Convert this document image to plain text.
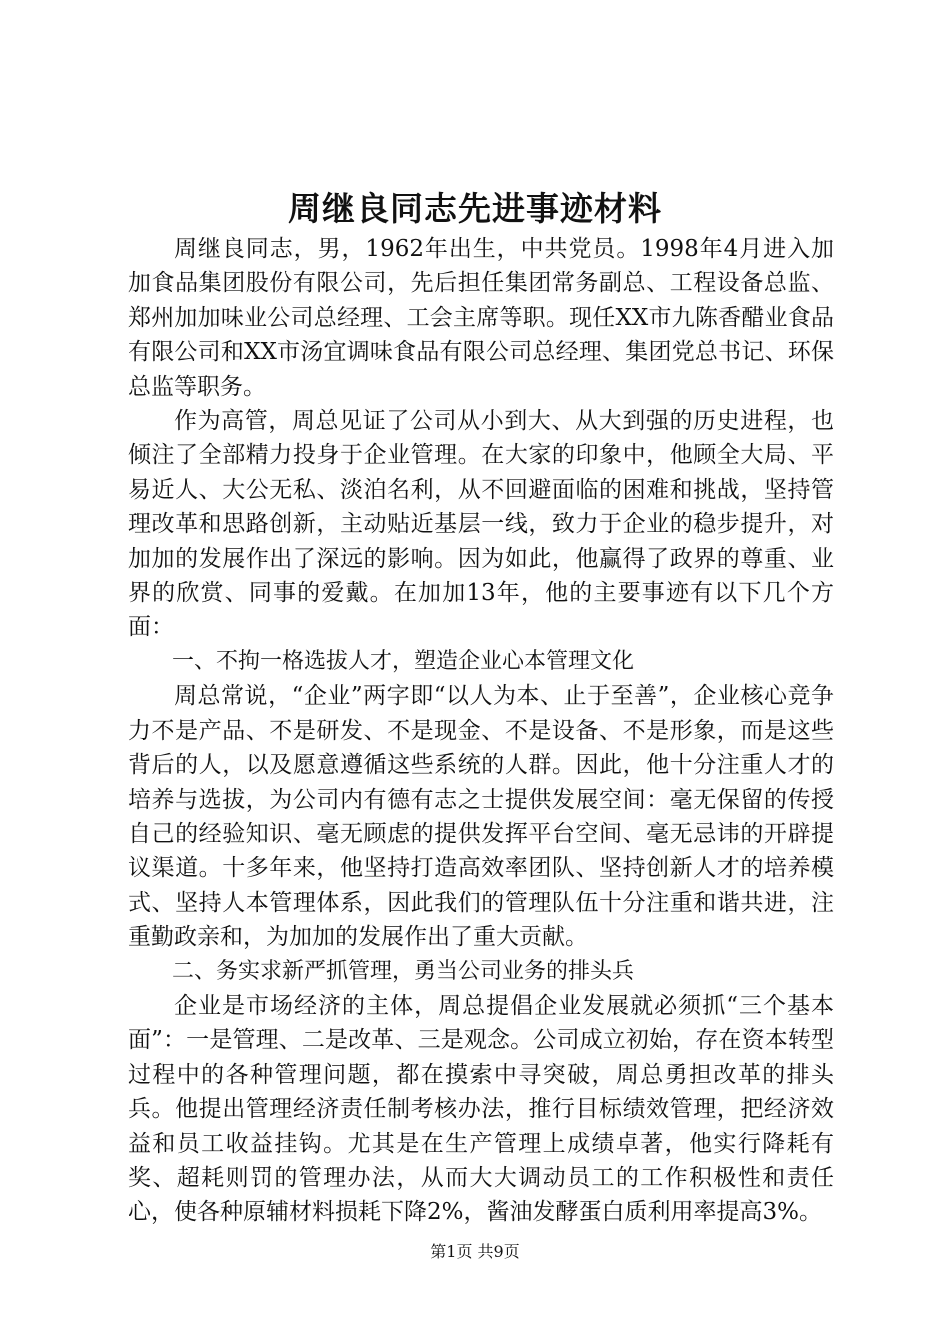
周继良同志先进事迹材料

周继良同志，男，1962年出生，中共党员。1998年4月进入加加食品集团股份有限公司，先后担任集团常务副总、工程设备总监、郑州加加味业公司总经理、工会主席等职。现任XX市九陈香醋业食品有限公司和XX市汤宜调味食品有限公司总经理、集团党总书记、环保总监等职务。

作为高管，周总见证了公司从小到大、从大到强的历史进程，也倾注了全部精力投身于企业管理。在大家的印象中，他顾全大局、平易近人、大公无私、淡泊名利，从不回避面临的困难和挑战，坚持管理改革和思路创新，主动贴近基层一线，致力于企业的稳步提升，对加加的发展作出了深远的影响。因为如此，他赢得了政界的尊重、业界的欣赏、同事的爱戴。在加加13年，他的主要事迹有以下几个方面：

一、不拘一格选拔人才，塑造企业心本管理文化

周总常说，“企业”两字即“以人为本、止于至善”，企业核心竞争力不是产品、不是研发、不是现金、不是设备、不是形象，而是这些背后的人，以及愿意遵循这些系统的人群。因此，他十分注重人才的培养与选拔，为公司内有德有志之士提供发展空间：毫无保留的传授自己的经验知识、毫无顾虑的提供发挥平台空间、毫无忌讳的开辟提议渠道。十多年来，他坚持打造高效率团队、坚持创新人才的培养模式、坚持人本管理体系，因此我们的管理队伍十分注重和谐共进，注重勤政亲和，为加加的发展作出了重大贡献。

二、务实求新严抓管理，勇当公司业务的排头兵

企业是市场经济的主体，周总提倡企业发展就必须抓“三个基本面”：一是管理、二是改革、三是观念。公司成立初始，存在资本转型过程中的各种管理问题，都在摸索中寻突破，周总勇担改革的排头兵。他提出管理经济责任制考核办法，推行目标绩效管理，把经济效益和员工收益挂钩。尤其是在生产管理上成绩卓著，他实行降耗有奖、超耗则罚的管理办法，从而大大调动员工的工作积极性和责任心，使各种原辅材料损耗下降2%，酱油发酵蛋白质利用率提高3%。

第1页 共9页
